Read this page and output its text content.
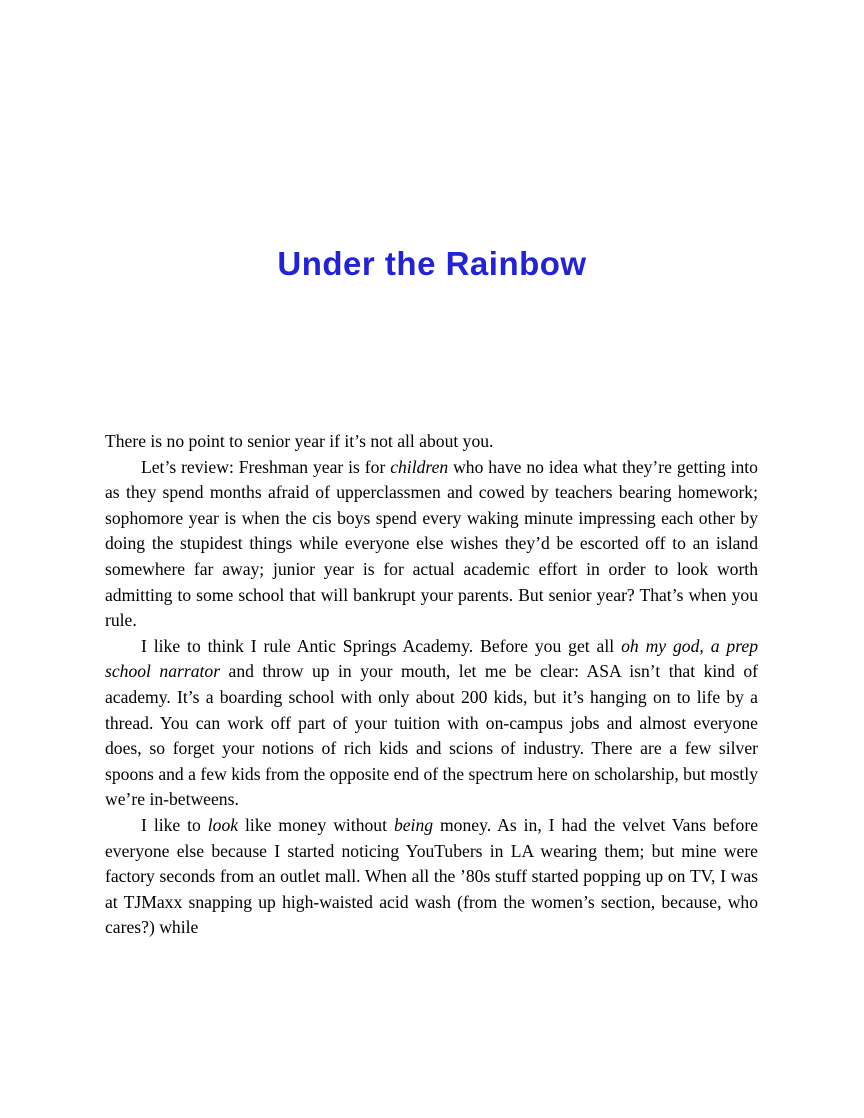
Under the Rainbow

There is no point to senior year if it’s not all about you.

Let’s review: Freshman year is for children who have no idea what they’re getting into as they spend months afraid of upperclassmen and cowed by teachers bearing homework; sophomore year is when the cis boys spend every waking minute impressing each other by doing the stupidest things while everyone else wishes they’d be escorted off to an island somewhere far away; junior year is for actual academic effort in order to look worth admitting to some school that will bankrupt your parents. But senior year? That’s when you rule.

I like to think I rule Antic Springs Academy. Before you get all oh my god, a prep school narrator and throw up in your mouth, let me be clear: ASA isn’t that kind of academy. It’s a boarding school with only about 200 kids, but it’s hanging on to life by a thread. You can work off part of your tuition with on-campus jobs and almost everyone does, so forget your notions of rich kids and scions of industry. There are a few silver spoons and a few kids from the opposite end of the spectrum here on scholarship, but mostly we’re in-betweens.

I like to look like money without being money. As in, I had the velvet Vans before everyone else because I started noticing YouTubers in LA wearing them; but mine were factory seconds from an outlet mall. When all the ’80s stuff started popping up on TV, I was at TJMaxx snapping up high-waisted acid wash (from the women’s section, because, who cares?) while
